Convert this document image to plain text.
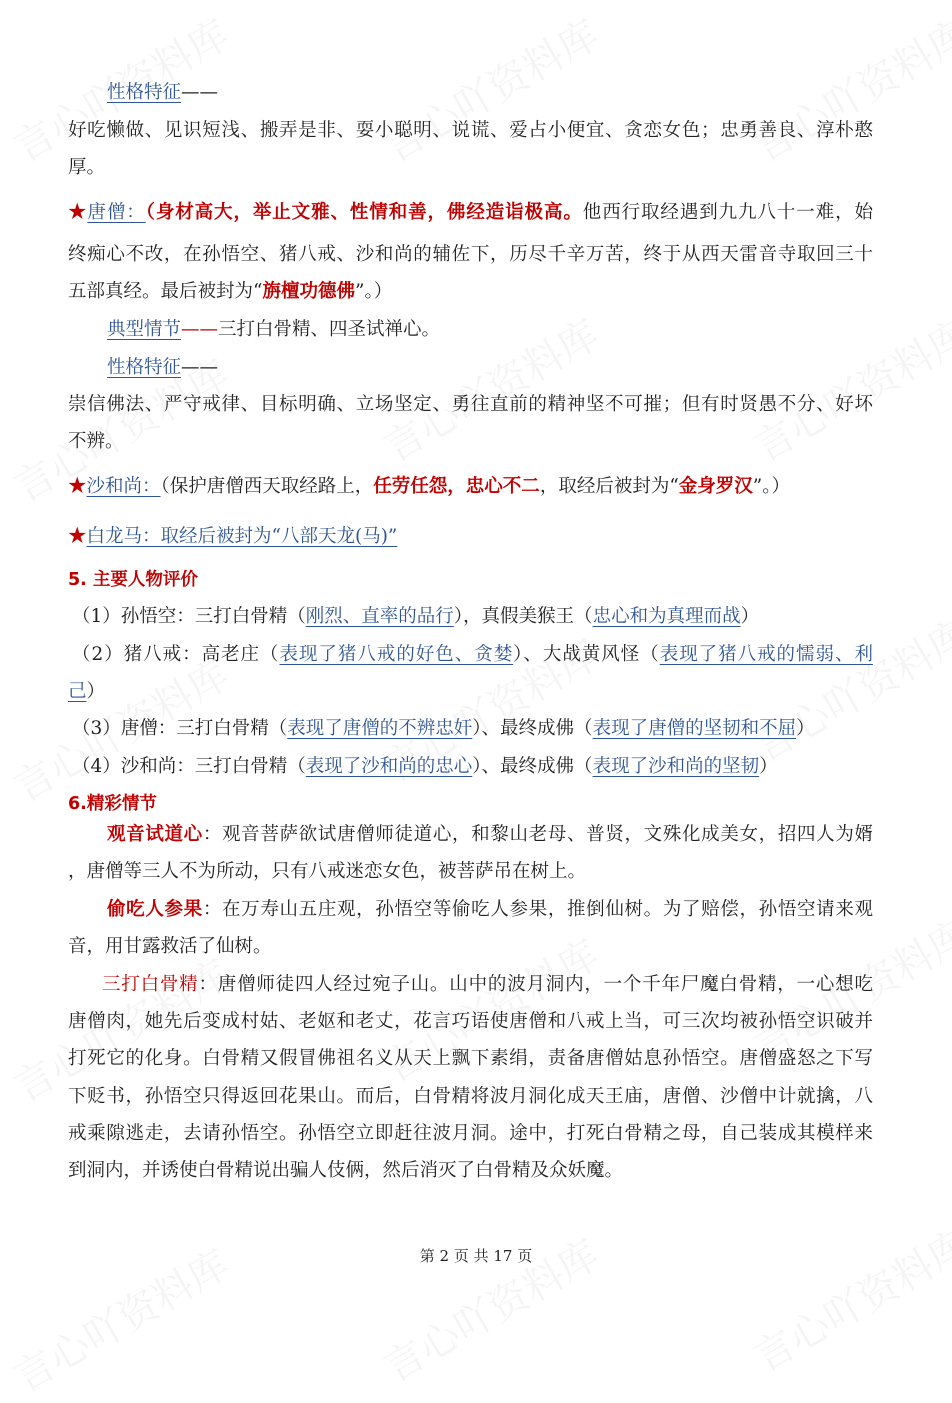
性格特征——
好吃懒做、见识短浅、搬弄是非、耍小聪明、说谎、爱占小便宜、贪恋女色；忠勇善良、淳朴憨
厚。
★唐僧：（身材高大，举止文雅、性情和善，佛经造诣极高。他西行取经遇到九九八十一难，始
终痴心不改，在孙悟空、猪八戒、沙和尚的辅佐下，历尽千辛万苦，终于从西天雷音寺取回三十
五部真经。最后被封为“旃檀功德佛”。）
典型情节——三打白骨精、四圣试禅心。
性格特征——
崇信佛法、严守戒律、目标明确、立场坚定、勇往直前的精神坚不可摧；但有时贤愚不分、好坏
不辨。
★沙和尚：（保护唐僧西天取经路上，任劳任怨，忠心不二，取经后被封为“金身罗汉”。）
★白龙马：取经后被封为“八部天龙(马)”
5. 主要人物评价
（1）孙悟空：三打白骨精（刚烈、直率的品行），真假美猴王（忠心和为真理而战）
（2）猪八戒：高老庄（表现了猪八戒的好色、贪婪）、大战黄风怪（表现了猪八戒的懦弱、利
己）
（3）唐僧：三打白骨精（表现了唐僧的不辨忠奸）、最终成佛（表现了唐僧的坚韧和不屈）
（4）沙和尚：三打白骨精（表现了沙和尚的忠心）、最终成佛（表现了沙和尚的坚韧）
6.精彩情节
观音试道心：观音菩萨欲试唐僧师徒道心，和黎山老母、普贤，文殊化成美女，招四人为婿
，唐僧等三人不为所动，只有八戒迷恋女色，被菩萨吊在树上。
偷吃人参果：在万寿山五庄观，孙悟空等偷吃人参果，推倒仙树。为了赔偿，孙悟空请来观
音，用甘露救活了仙树。
三打白骨精：唐僧师徒四人经过宛子山。山中的波月洞内，一个千年尸魔白骨精，一心想吃
唐僧肉，她先后变成村姑、老妪和老丈，花言巧语使唐僧和八戒上当，可三次均被孙悟空识破并
打死它的化身。白骨精又假冒佛祖名义从天上飘下素绢，责备唐僧姑息孙悟空。唐僧盛怒之下写
下贬书，孙悟空只得返回花果山。而后，白骨精将波月洞化成天王庙，唐僧、沙僧中计就擒，八
戒乘隙逃走，去请孙悟空。孙悟空立即赶往波月洞。途中，打死白骨精之母，自己装成其模样来
到洞内，并诱使白骨精说出骗人伎俩，然后消灭了白骨精及众妖魔。
第 2 页 共 17 页
